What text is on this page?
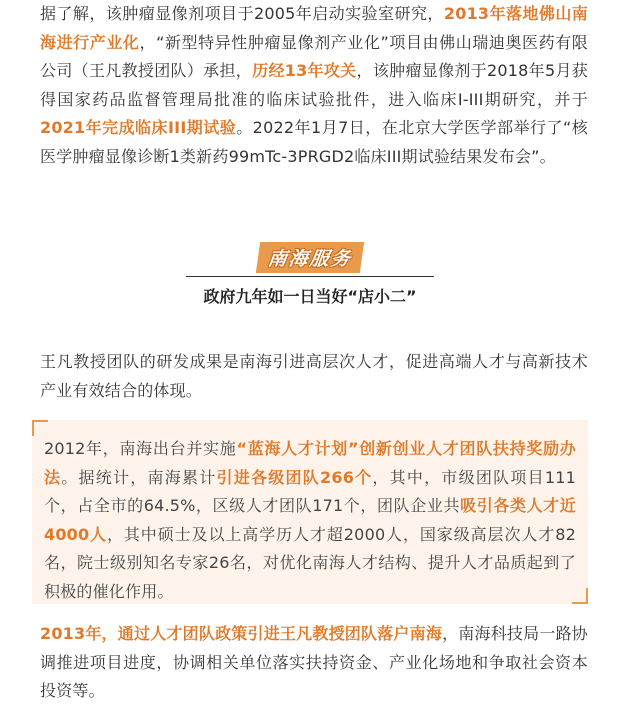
据了解，该肿瘤显像剂项目于2005年启动实验室研究，2013年落地佛山南海进行产业化，“新型特异性肿瘤显像剂产业化”项目由佛山瑞迪奥医药有限公司（王凡教授团队）承担，历经13年攻关，该肿瘤显像剂于2018年5月获得国家药品监督管理局批准的临床试验批件，进入临床I-III期研究，并于2021年完成临床III期试验。2022年1月7日，在北京大学医学部举行了“核医学肿瘤显像诊断1类新药99mTc-3PRGD2临床III期试验结果发布会”。

南海服务
政府九年如一日当好“店小二”

王凡教授团队的研发成果是南海引进高层次人才，促进高端人才与高新技术产业有效结合的体现。

2012年，南海出台并实施“蓝海人才计划”创新创业人才团队扶持奖励办法。据统计，南海累计引进各级团队266个，其中，市级团队项目111个，占全市的64.5%，区级人才团队171个，团队企业共吸引各类人才近4000人，其中硕士及以上高学历人才超2000人，国家级高层次人才82名，院士级别知名专家26名，对优化南海人才结构、提升人才品质起到了积极的催化作用。

2013年，通过人才团队政策引进王凡教授团队落户南海，南海科技局一路协调推进项目进度，协调相关单位落实扶持资金、产业化场地和争取社会资本投资等。
